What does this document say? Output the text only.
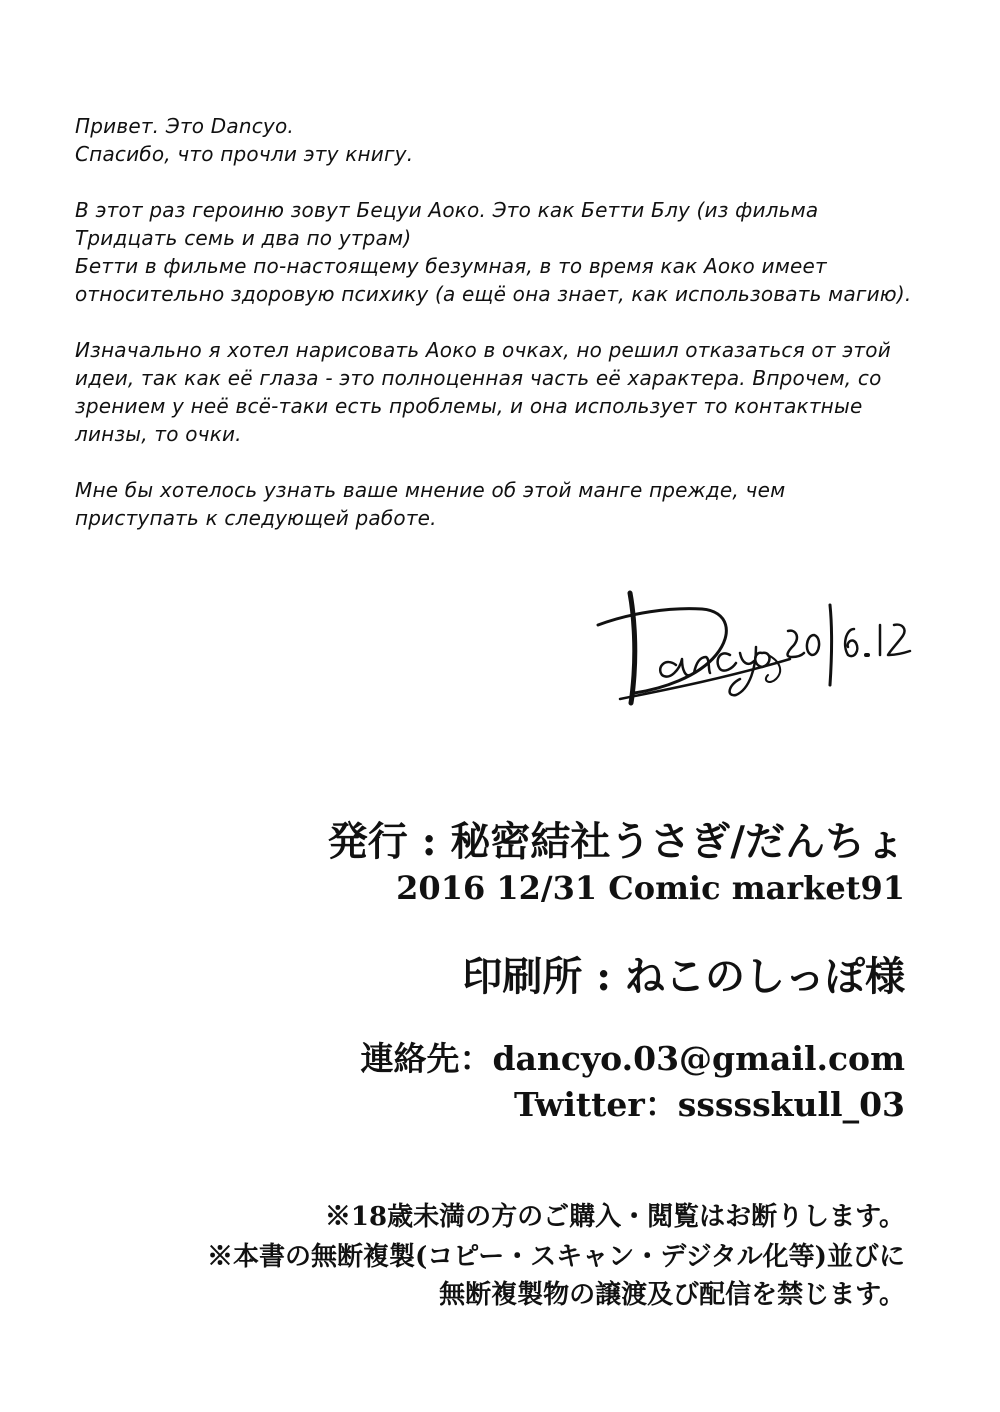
Привет. Это Dancyo.
Спасибо, что прочли эту книгу.

В этот раз героиню зовут Бецуи Аоко. Это как Бетти Блу (из фильма
Тридцать семь и два по утрам)
Бетти в фильме по-настоящему безумная, в то время как Аоко имеет
относительно здоровую психику (а ещё она знает, как использовать магию).

Изначально я хотел нарисовать Аоко в очках, но решил отказаться от этой
идеи, так как её глаза - это полноценная часть её характера. Впрочем, со
зрением у неё всё-таки есть проблемы, и она использует то контактные
линзы, то очки.

Мне бы хотелось узнать ваше мнение об этой манге прежде, чем
приступать к следующей работе.

発行 : 秘密結社うさぎ/だんちょ
2016 12/31 Comic market91
印刷所 : ねこのしっぽ様
連絡先：dancyo.03@gmail.com
Twitter：ssssskull_03
※18歳未満の方のご購入・閲覧はお断りします。
※本書の無断複製(コピー・スキャン・デジタル化等)並びに
無断複製物の譲渡及び配信を禁じます。
